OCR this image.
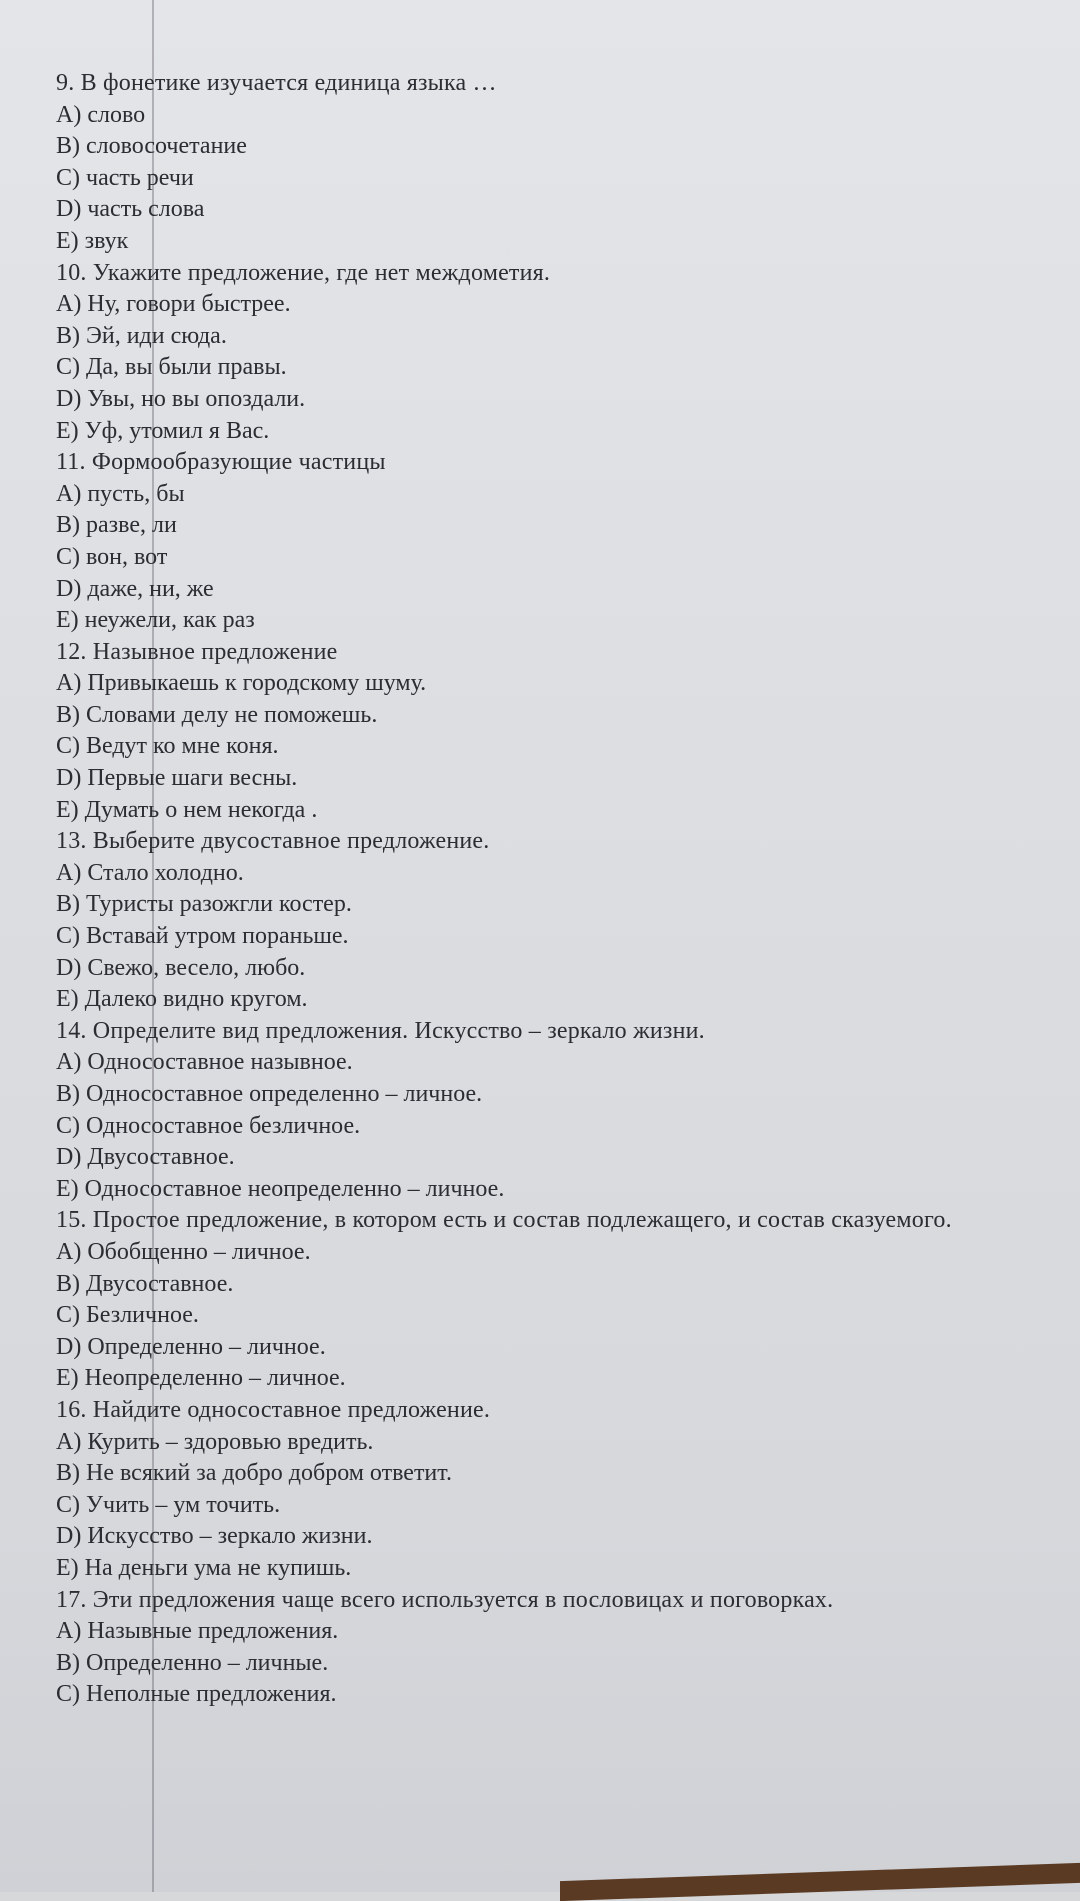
9. В фонетике изучается единица языка …

A) слово

B) словосочетание

C) часть речи

D) часть слова

E) звук

10. Укажите предложение, где нет междометия.

A) Ну, говори быстрее.

B) Эй, иди сюда.

C) Да, вы были правы.

D) Увы, но вы опоздали.

E) Уф, утомил я Вас.

11. Формообразующие частицы

A) пусть, бы

B) разве, ли

C) вон, вот

D) даже, ни, же

E) неужели, как раз

12. Назывное предложение

A) Привыкаешь к городскому шуму.

B) Словами делу не поможешь.

C) Ведут ко мне коня.

D) Первые шаги весны.

E) Думать о нем некогда .

13. Выберите двусоставное предложение.

A) Стало холодно.

B) Туристы разожгли костер.

C) Вставай утром пораньше.

D) Свежо, весело, любо.

E) Далеко видно кругом.

14. Определите вид предложения. Искусство – зеркало жизни.

A) Односоставное назывное.

B) Односоставное определенно – личное.

C) Односоставное безличное.

D) Двусоставное.

E) Односоставное неопределенно – личное.

15. Простое предложение, в котором есть и состав подлежащего, и состав сказуемого.

A) Обобщенно – личное.

B) Двусоставное.

C) Безличное.

D) Определенно – личное.

E) Неопределенно – личное.

16. Найдите односоставное предложение.

A) Курить – здоровью вредить.

B) Не всякий за добро добром ответит.

C) Учить – ум точить.

D) Искусство – зеркало жизни.

E) На деньги ума не купишь.

17. Эти предложения чаще всего используется в пословицах и поговорках.

A) Назывные предложения.

B) Определенно – личные.

C) Неполные предложения.
